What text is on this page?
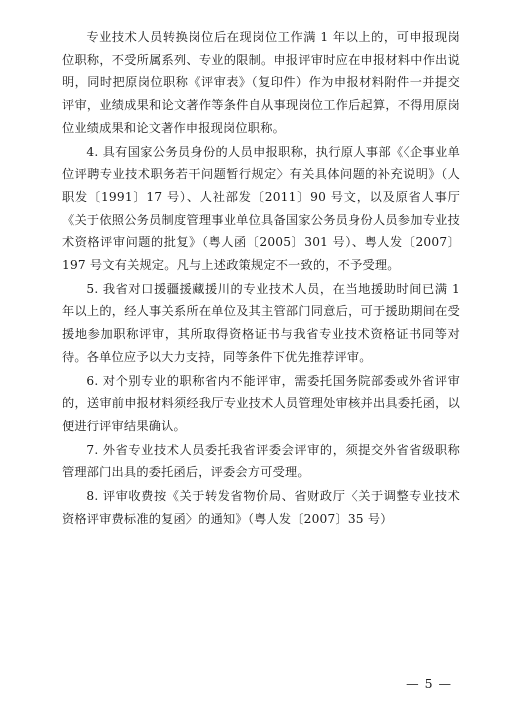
专业技术人员转换岗位后在现岗位工作满 1 年以上的，可申报现岗位职称，不受所属系列、专业的限制。申报评审时应在申报材料中作出说明，同时把原岗位职称《评审表》（复印件）作为申报材料附件一并提交评审，业绩成果和论文著作等条件自从事现岗位工作后起算，不得用原岗位业绩成果和论文著作申报现岗位职称。

4. 具有国家公务员身份的人员申报职称，执行原人事部《〈企事业单位评聘专业技术职务若干问题暂行规定〉有关具体问题的补充说明》（人职发〔1991〕17 号）、人社部发〔2011〕90 号文，以及原省人事厅《关于依照公务员制度管理事业单位具备国家公务员身份人员参加专业技术资格评审问题的批复》（粤人函〔2005〕301 号）、粤人发〔2007〕197 号文有关规定。凡与上述政策规定不一致的，不予受理。

5. 我省对口援疆援藏援川的专业技术人员，在当地援助时间已满 1 年以上的，经人事关系所在单位及其主管部门同意后，可于援助期间在受援地参加职称评审，其所取得资格证书与我省专业技术资格证书同等对待。各单位应予以大力支持，同等条件下优先推荐评审。

6. 对个别专业的职称省内不能评审，需委托国务院部委或外省评审的，送审前申报材料须经我厅专业技术人员管理处审核并出具委托函，以便进行评审结果确认。

7. 外省专业技术人员委托我省评委会评审的，须提交外省省级职称管理部门出具的委托函后，评委会方可受理。

8. 评审收费按《关于转发省物价局、省财政厅〈关于调整专业技术资格评审费标准的复函〉的通知》（粤人发〔2007〕35 号）

— 5 —
